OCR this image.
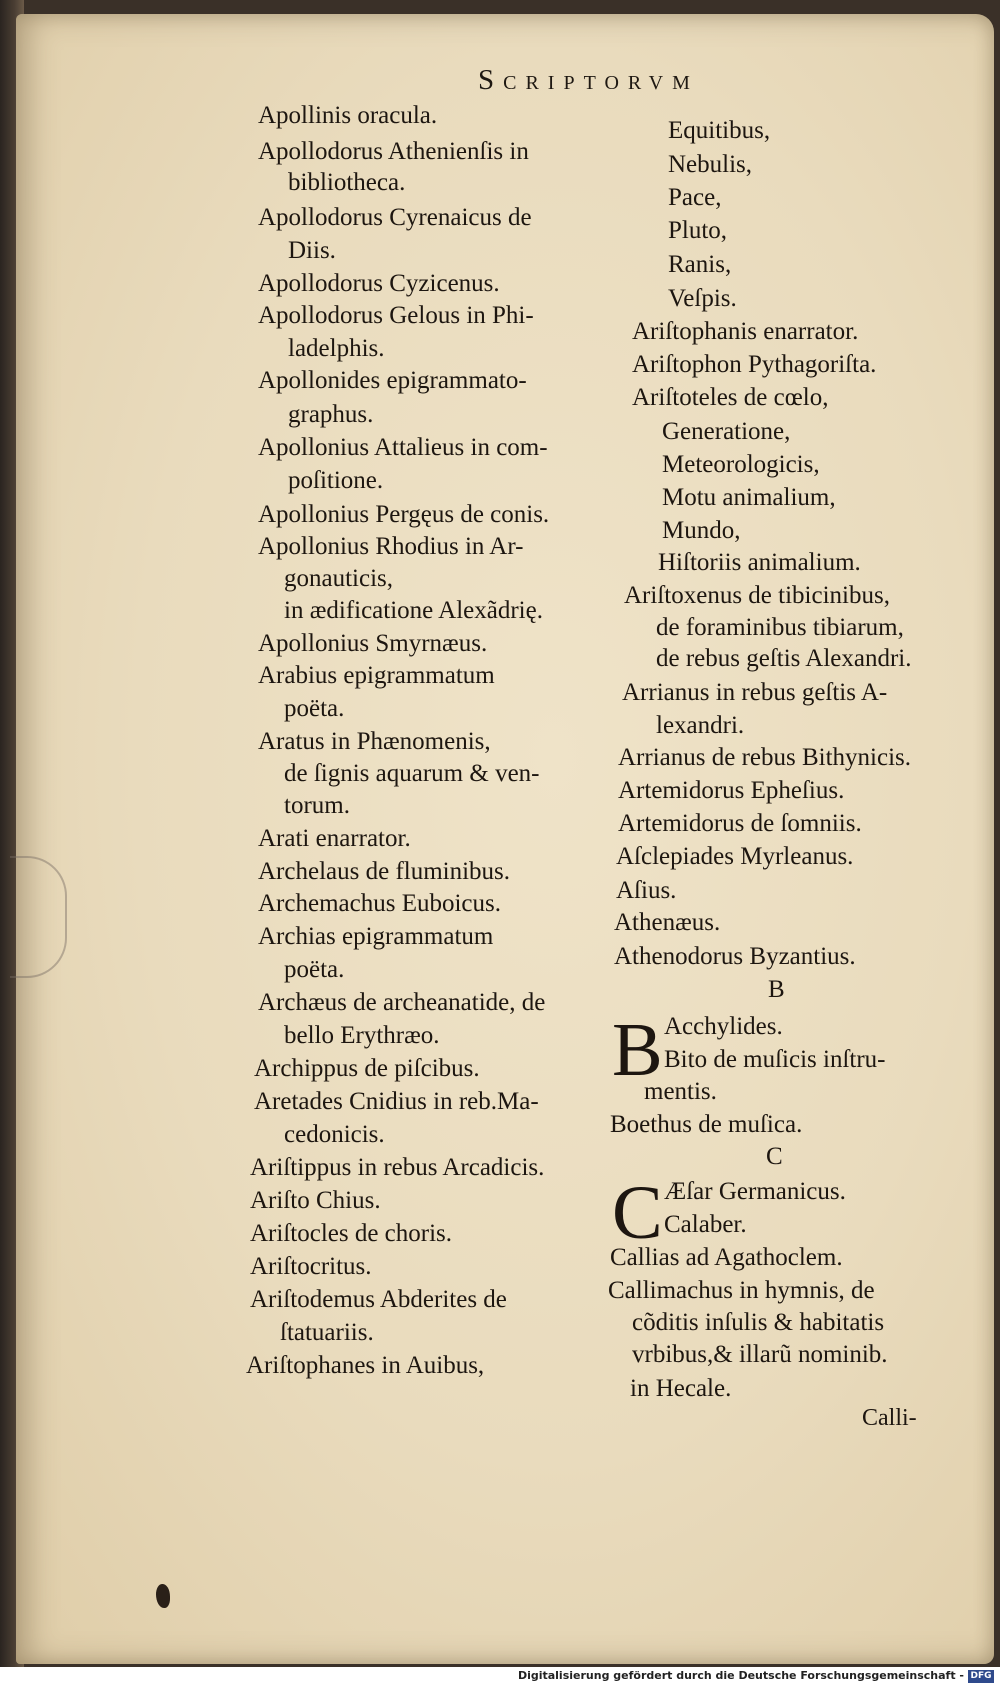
Scriptorvm
Apollinis oracula.
Apollodorus Athenienſis in
bibliotheca.
Apollodorus Cyrenaicus de
Diis.
Apollodorus Cyzicenus.
Apollodorus Gelous in Phi-
ladelphis.
Apollonides epigrammato-
graphus.
Apollonius Attalieus in com-
poſitione.
Apollonius Pergęus de conis.
Apollonius Rhodius in Ar-
gonauticis,
in ædificatione Alexãdrię.
Apollonius Smyrnæus.
Arabius epigrammatum
poëta.
Aratus in Phænomenis,
de ſignis aquarum & ven-
torum.
Arati enarrator.
Archelaus de fluminibus.
Archemachus Euboicus.
Archias epigrammatum
poëta.
Archæus de archeanatide, de
bello Erythræo.
Archippus de piſcibus.
Aretades Cnidius in reb.Ma-
cedonicis.
Ariſtippus in rebus Arcadicis.
Ariſto Chius.
Ariſtocles de choris.
Ariſtocritus.
Ariſtodemus Abderites de
ſtatuariis.
Ariſtophanes in Auibus,
Equitibus,
Nebulis,
Pace,
Pluto,
Ranis,
Veſpis.
Ariſtophanis enarrator.
Ariſtophon Pythagoriſta.
Ariſtoteles de cœlo,
Generatione,
Meteorologicis,
Motu animalium,
Mundo,
Hiſtoriis animalium.
Ariſtoxenus de tibicinibus,
de foraminibus tibiarum,
de rebus geſtis Alexandri.
Arrianus in rebus geſtis A-
lexandri.
Arrianus de rebus Bithynicis.
Artemidorus Epheſius.
Artemidorus de ſomniis.
Aſclepiades Myrleanus.
Aſius.
Athenæus.
Athenodorus Byzantius.
B
B Acchylides.
Bito de muſicis inſtru-
mentis.
Boethus de muſica.
C
C Æſar Germanicus.
Calaber.
Callias ad Agathoclem.
Callimachus in hymnis, de
cõditis inſulis & habitatis
vrbibus,& illarũ nominib.
in Hecale.
Calli-
Digitalisierung gefördert durch die Deutsche Forschungsgemeinschaft - DFG
